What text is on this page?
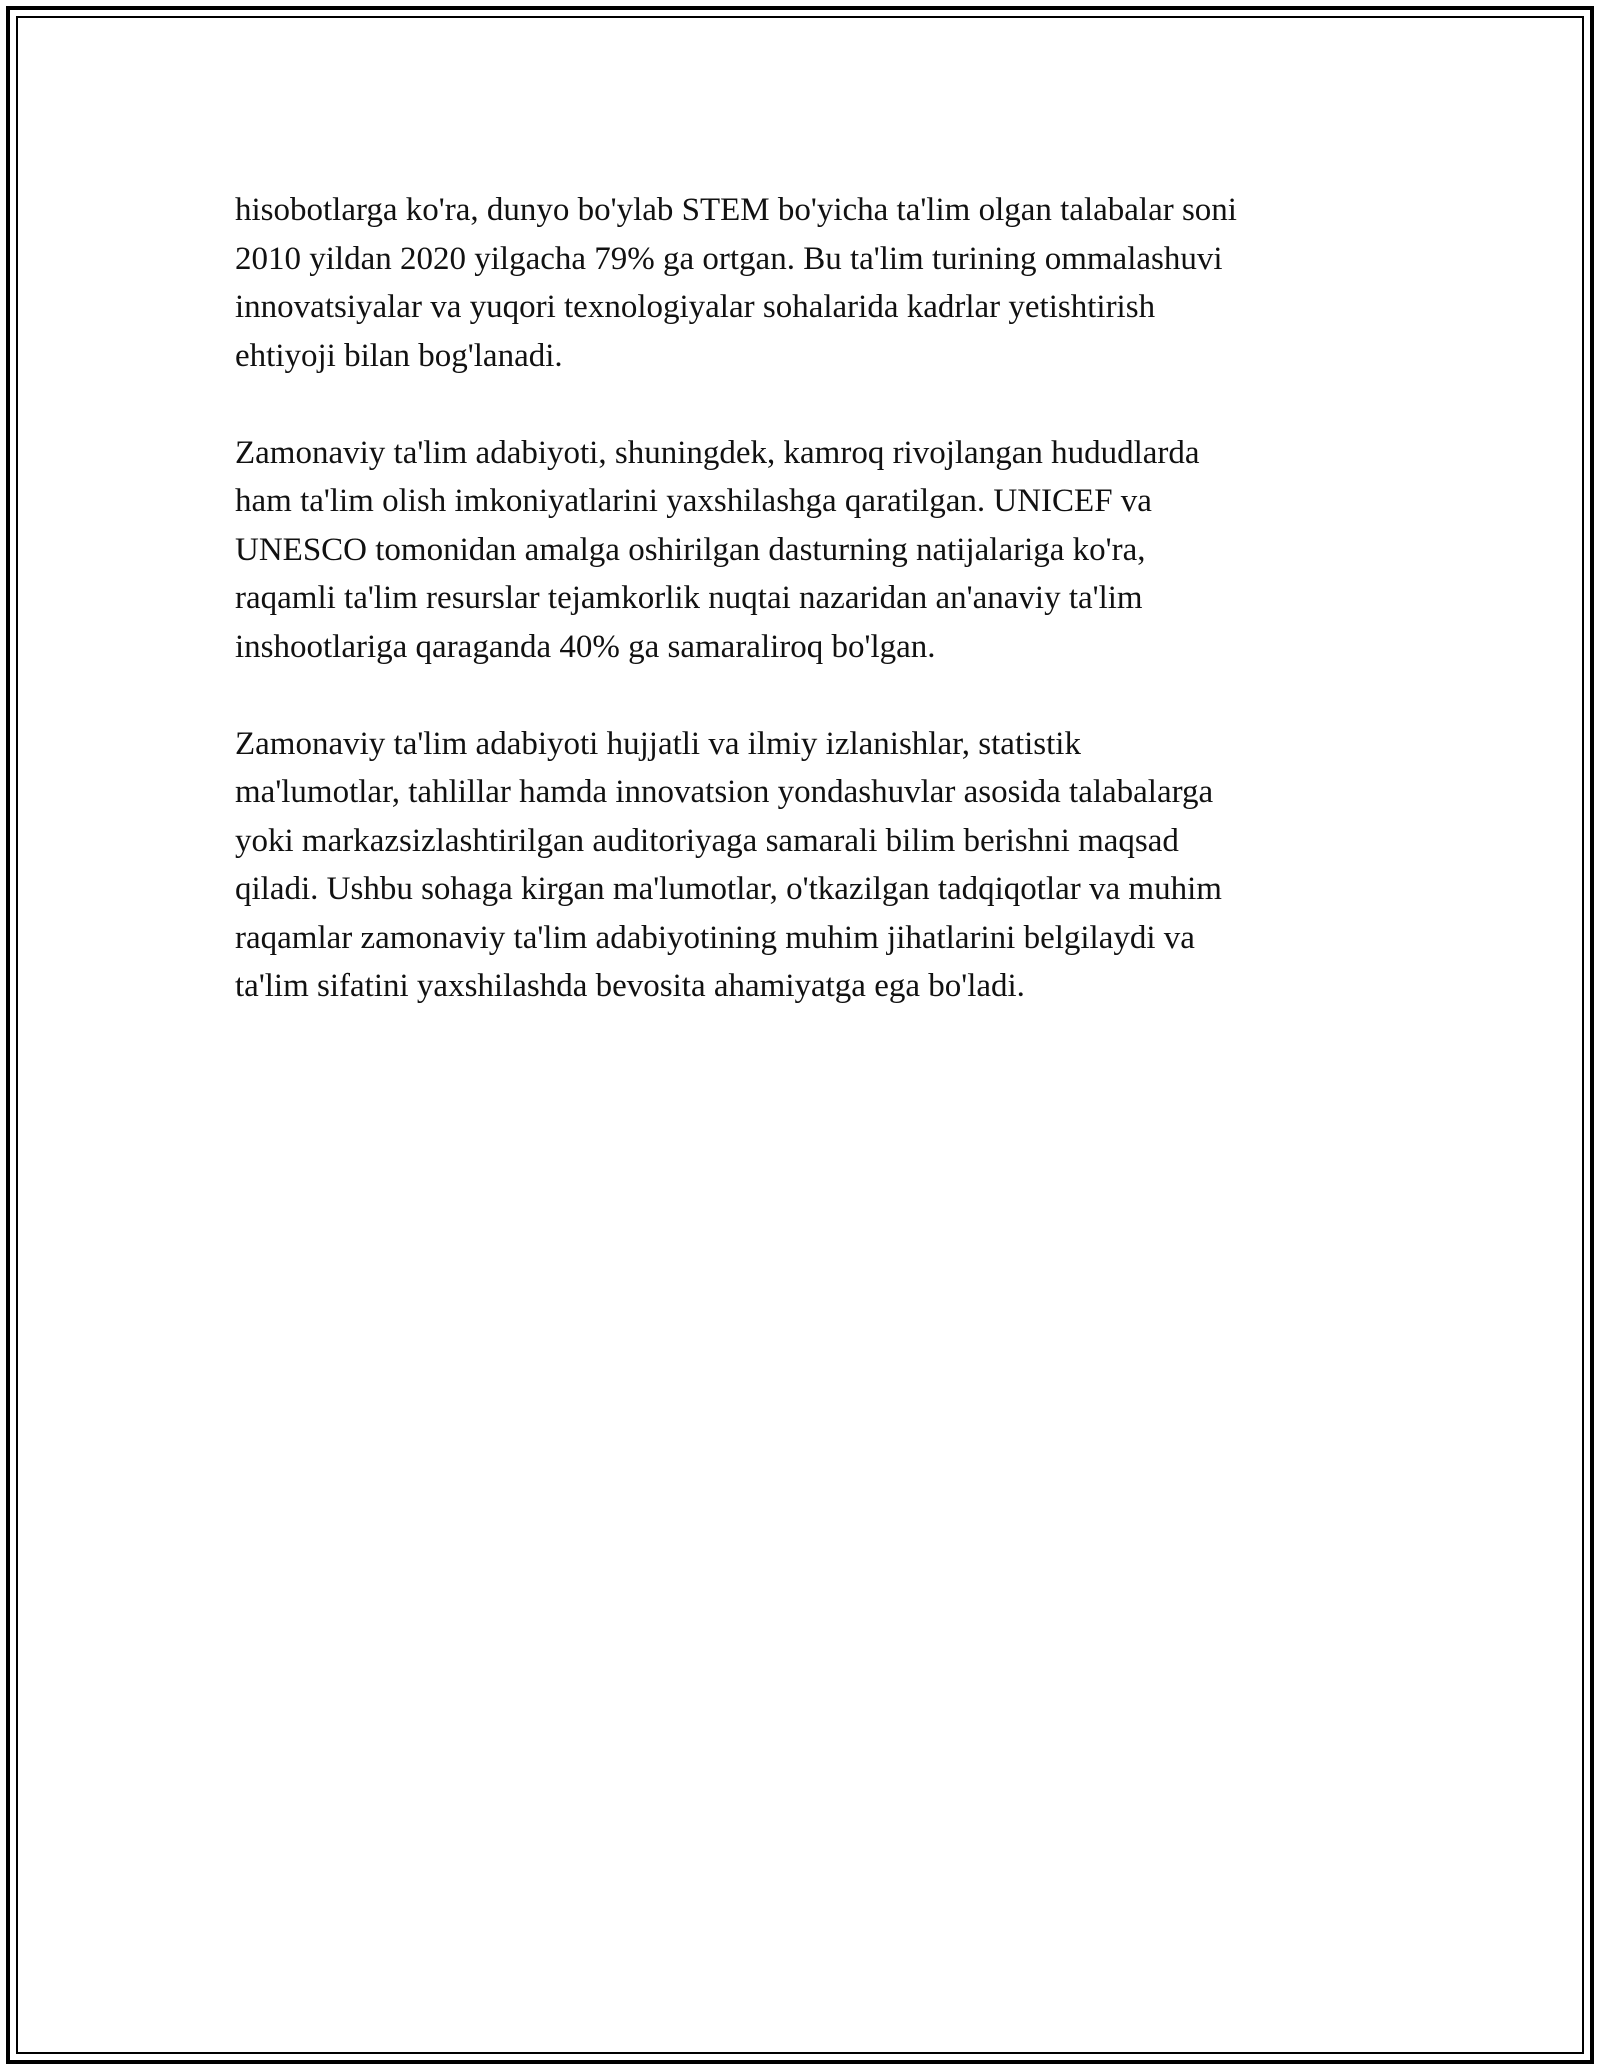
hisobotlarga ko'ra, dunyo bo'ylab STEM bo'yicha ta'lim olgan talabalar soni
2010 yildan 2020 yilgacha 79% ga ortgan. Bu ta'lim turining ommalashuvi
innovatsiyalar va yuqori texnologiyalar sohalarida kadrlar yetishtirish
ehtiyoji bilan bog'lanadi.

Zamonaviy ta'lim adabiyoti, shuningdek, kamroq rivojlangan hududlarda
ham ta'lim olish imkoniyatlarini yaxshilashga qaratilgan. UNICEF va
UNESCO tomonidan amalga oshirilgan dasturning natijalariga ko'ra,
raqamli ta'lim resurslar tejamkorlik nuqtai nazaridan an'anaviy ta'lim
inshootlariga qaraganda 40% ga samaraliroq bo'lgan.

Zamonaviy ta'lim adabiyoti hujjatli va ilmiy izlanishlar, statistik
ma'lumotlar, tahlillar hamda innovatsion yondashuvlar asosida talabalarga
yoki markazsizlashtirilgan auditoriyaga samarali bilim berishni maqsad
qiladi. Ushbu sohaga kirgan ma'lumotlar, o'tkazilgan tadqiqotlar va muhim
raqamlar zamonaviy ta'lim adabiyotining muhim jihatlarini belgilaydi va
ta'lim sifatini yaxshilashda bevosita ahamiyatga ega bo'ladi.
